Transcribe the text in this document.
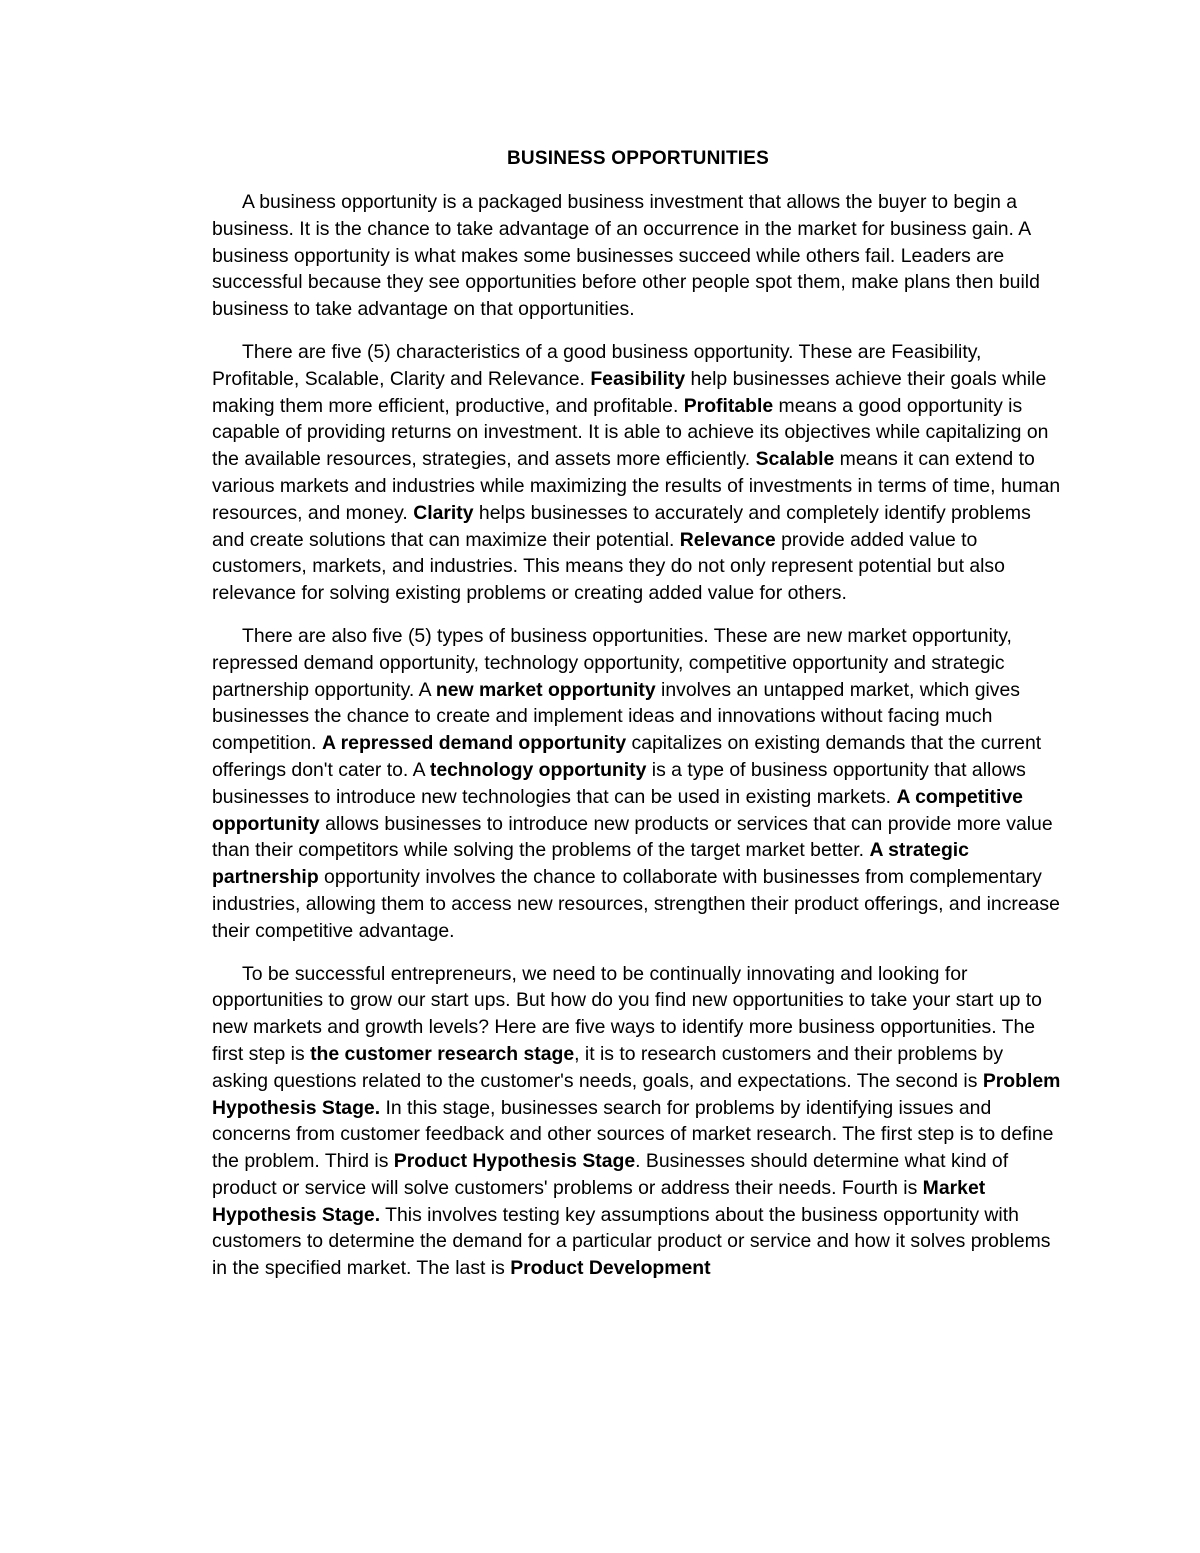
BUSINESS OPPORTUNITIES

A business opportunity is a packaged business investment that allows the buyer to begin a business. It is the chance to take advantage of an occurrence in the market for business gain. A business opportunity is what makes some businesses succeed while others fail. Leaders are successful because they see opportunities before other people spot them, make plans then build business to take advantage on that opportunities.

There are five (5) characteristics of a good business opportunity. These are Feasibility, Profitable, Scalable, Clarity and Relevance. Feasibility help businesses achieve their goals while making them more efficient, productive, and profitable. Profitable means a good opportunity is capable of providing returns on investment. It is able to achieve its objectives while capitalizing on the available resources, strategies, and assets more efficiently. Scalable means it can extend to various markets and industries while maximizing the results of investments in terms of time, human resources, and money. Clarity helps businesses to accurately and completely identify problems and create solutions that can maximize their potential. Relevance provide added value to customers, markets, and industries. This means they do not only represent potential but also relevance for solving existing problems or creating added value for others.

There are also five (5) types of business opportunities. These are new market opportunity, repressed demand opportunity, technology opportunity, competitive opportunity and strategic partnership opportunity. A new market opportunity involves an untapped market, which gives businesses the chance to create and implement ideas and innovations without facing much competition. A repressed demand opportunity capitalizes on existing demands that the current offerings don't cater to. A technology opportunity is a type of business opportunity that allows businesses to introduce new technologies that can be used in existing markets. A competitive opportunity allows businesses to introduce new products or services that can provide more value than their competitors while solving the problems of the target market better. A strategic partnership opportunity involves the chance to collaborate with businesses from complementary industries, allowing them to access new resources, strengthen their product offerings, and increase their competitive advantage.

To be successful entrepreneurs, we need to be continually innovating and looking for opportunities to grow our start ups. But how do you find new opportunities to take your start up to new markets and growth levels? Here are five ways to identify more business opportunities. The first step is the customer research stage, it is to research customers and their problems by asking questions related to the customer's needs, goals, and expectations. The second is Problem Hypothesis Stage. In this stage, businesses search for problems by identifying issues and concerns from customer feedback and other sources of market research. The first step is to define the problem. Third is Product Hypothesis Stage. Businesses should determine what kind of product or service will solve customers' problems or address their needs. Fourth is Market Hypothesis Stage. This involves testing key assumptions about the business opportunity with customers to determine the demand for a particular product or service and how it solves problems in the specified market. The last is Product Development
